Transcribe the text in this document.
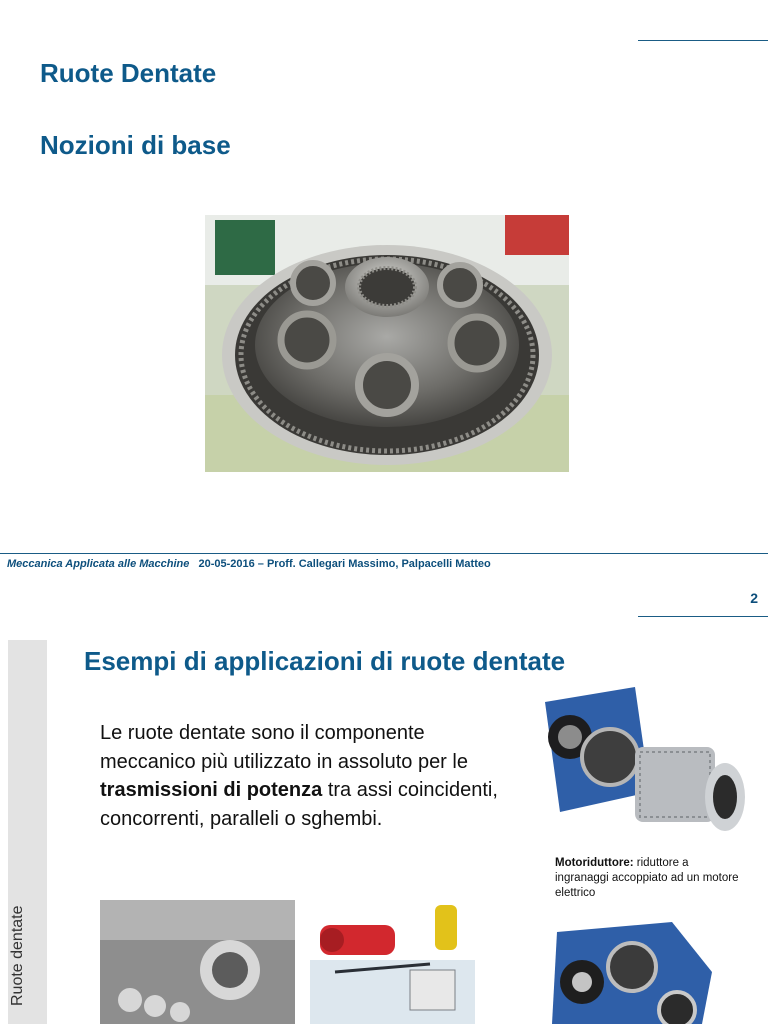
Ruote Dentate
Nozioni di base
Meccanica Applicata alle Macchine 20-05-2016 – Proff. Callegari Massimo, Palpacelli Matteo
2
Ruote dentate
Esempi di applicazioni di ruote dentate

Le ruote dentate sono il componente meccanico più utilizzato in assoluto per le trasmissioni di potenza tra assi coincidenti, concorrenti, paralleli o sghembi.

Motoriduttore: riduttore a ingranaggi accoppiato ad un motore elettrico
